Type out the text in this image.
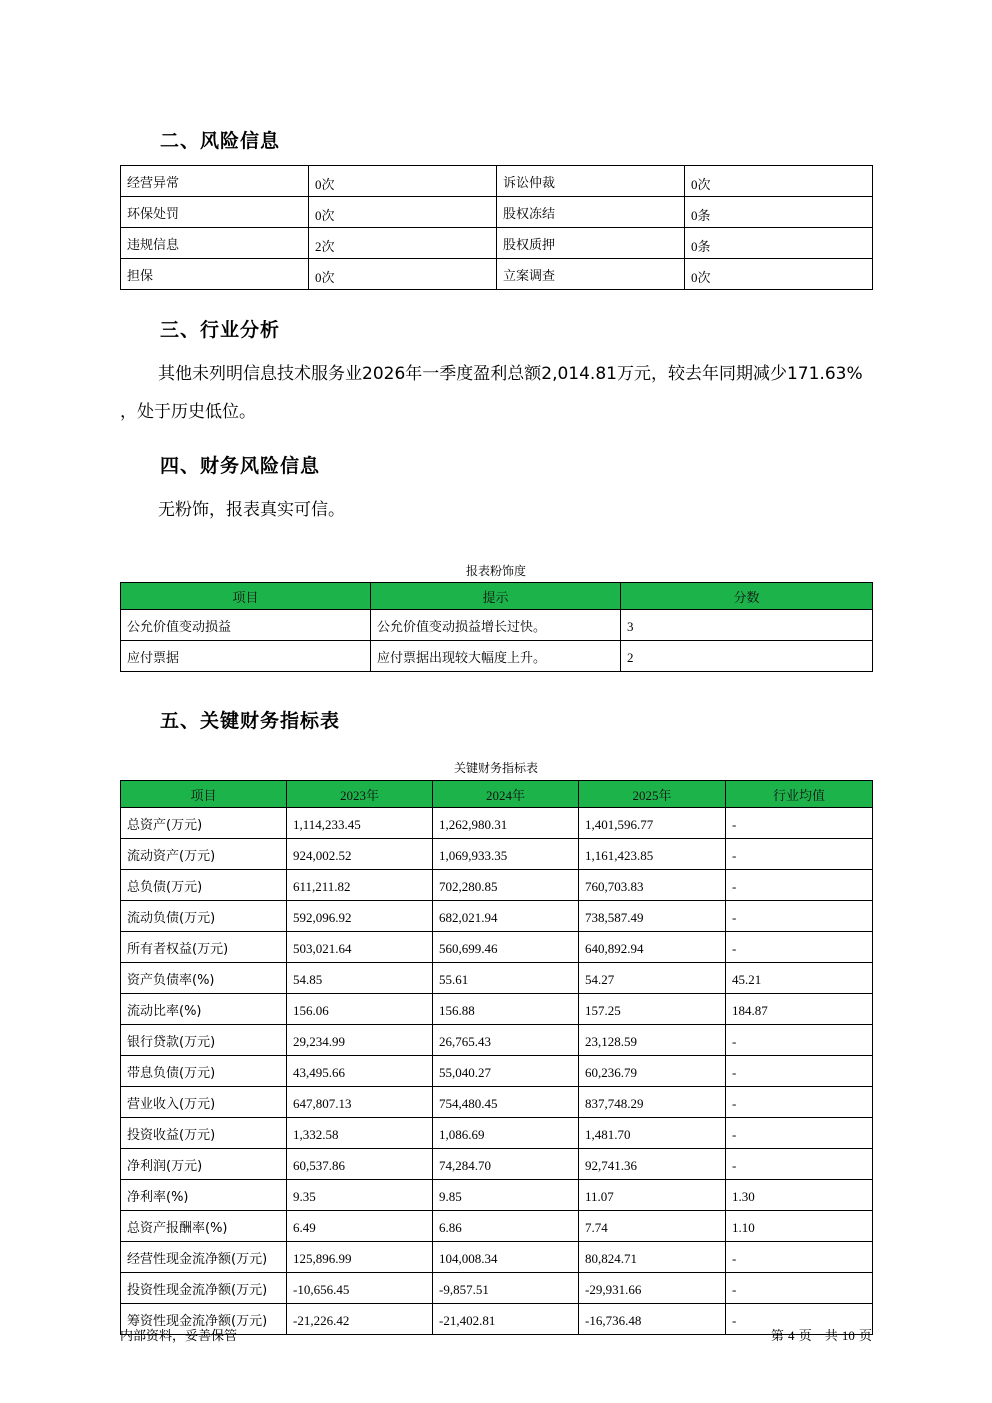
二、风险信息
经营异常	0次	诉讼仲裁	0次
环保处罚	0次	股权冻结	0条
违规信息	2次	股权质押	0条
担保	0次	立案调查	0次
三、行业分析

其他未列明信息技术服务业2026年一季度盈利总额2,014.81万元，较去年同期减少171.63%

，处于历史低位。

四、财务风险信息

无粉饰，报表真实可信。

报表粉饰度
项目	提示	分数
公允价值变动损益	公允价值变动损益增长过快。	3
应付票据	应付票据出现较大幅度上升。	2
五、关键财务指标表
关键财务指标表
项目	2023年	2024年	2025年	行业均值
总资产(万元)	1,114,233.45	1,262,980.31	1,401,596.77	-
流动资产(万元)	924,002.52	1,069,933.35	1,161,423.85	-
总负债(万元)	611,211.82	702,280.85	760,703.83	-
流动负债(万元)	592,096.92	682,021.94	738,587.49	-
所有者权益(万元)	503,021.64	560,699.46	640,892.94	-
资产负债率(%)	54.85	55.61	54.27	45.21
流动比率(%)	156.06	156.88	157.25	184.87
银行贷款(万元)	29,234.99	26,765.43	23,128.59	-
带息负债(万元)	43,495.66	55,040.27	60,236.79	-
营业收入(万元)	647,807.13	754,480.45	837,748.29	-
投资收益(万元)	1,332.58	1,086.69	1,481.70	-
净利润(万元)	60,537.86	74,284.70	92,741.36	-
净利率(%)	9.35	9.85	11.07	1.30
总资产报酬率(%)	6.49	6.86	7.74	1.10
经营性现金流净额(万元)	125,896.99	104,008.34	80,824.71	-
投资性现金流净额(万元)	-10,656.45	-9,857.51	-29,931.66	-
筹资性现金流净额(万元)	-21,226.42	-21,402.81	-16,736.48	-
内部资料，妥善保管	第 4 页　共 10 页
